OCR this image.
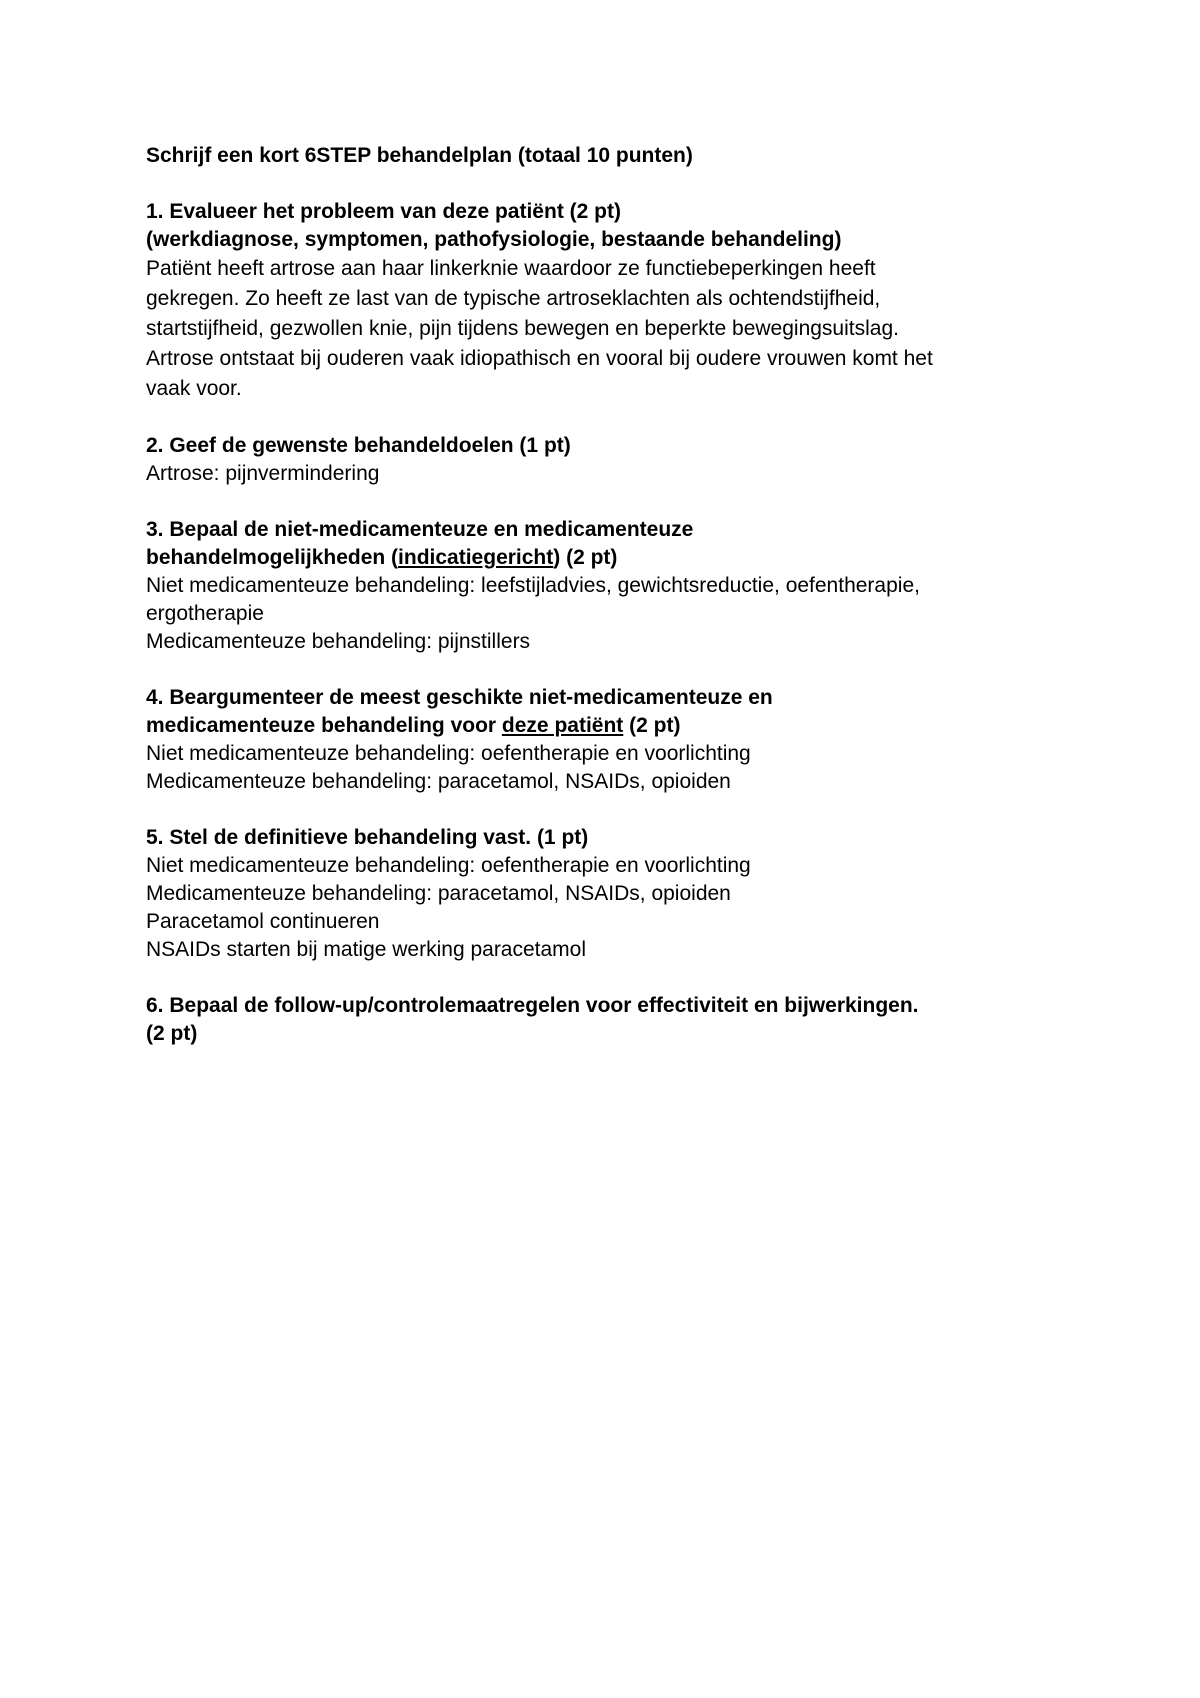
Schrijf een kort 6STEP behandelplan (totaal 10 punten)

1. Evalueer het probleem van deze patiënt (2 pt)

(werkdiagnose, symptomen, pathofysiologie, bestaande behandeling)

Patiënt heeft artrose aan haar linkerknie waardoor ze functiebeperkingen heeft

gekregen. Zo heeft ze last van de typische artroseklachten als ochtendstijfheid,

startstijfheid, gezwollen knie, pijn tijdens bewegen en beperkte bewegingsuitslag.

Artrose ontstaat bij ouderen vaak idiopathisch en vooral bij oudere vrouwen komt het

vaak voor.

2. Geef de gewenste behandeldoelen (1 pt)

Artrose: pijnvermindering

3. Bepaal de niet-medicamenteuze en medicamenteuze

behandelmogelijkheden (indicatiegericht) (2 pt)

Niet medicamenteuze behandeling: leefstijladvies, gewichtsreductie, oefentherapie,

ergotherapie

Medicamenteuze behandeling: pijnstillers

4. Beargumenteer de meest geschikte niet-medicamenteuze en

medicamenteuze behandeling voor deze patiënt (2 pt)

Niet medicamenteuze behandeling: oefentherapie en voorlichting

Medicamenteuze behandeling: paracetamol, NSAIDs, opioiden

5. Stel de definitieve behandeling vast. (1 pt)

Niet medicamenteuze behandeling: oefentherapie en voorlichting

Medicamenteuze behandeling: paracetamol, NSAIDs, opioiden

Paracetamol continueren

NSAIDs starten bij matige werking paracetamol

6. Bepaal de follow-up/controlemaatregelen voor effectiviteit en bijwerkingen.

(2 pt)
